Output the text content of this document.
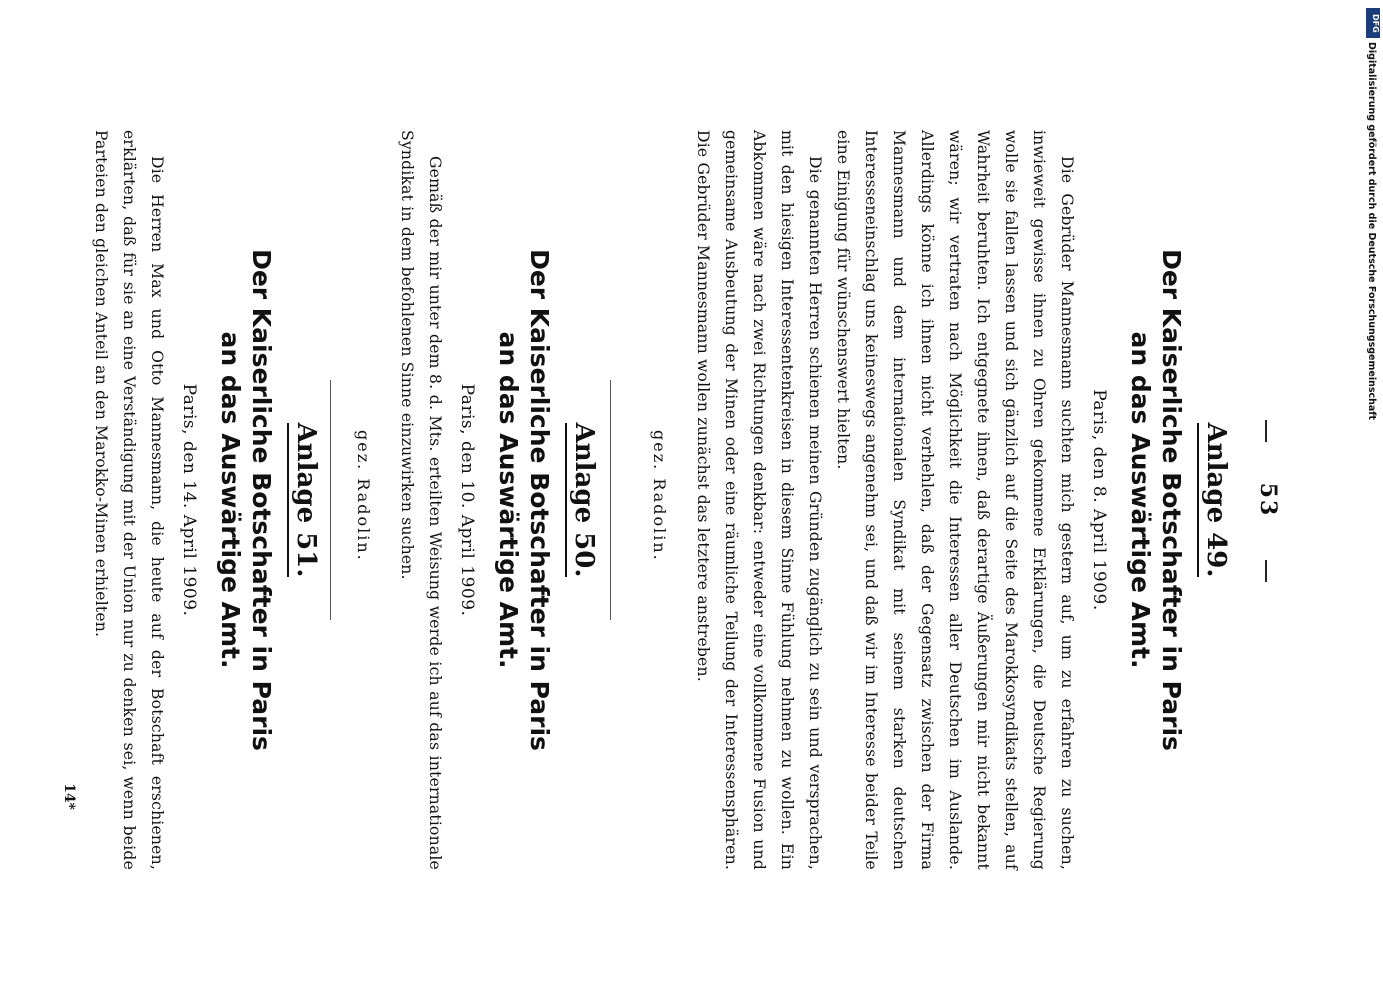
53
Anlage 49.
Der Kaiserliche Botschafter in Paris
an das Auswärtige Amt.
Paris, den 8. April 1909.

Die Gebrüder Mannesmann suchten mich gestern auf, um zu erfahren zu suchen, inwieweit gewisse ihnen zu Ohren gekommene Erklärungen, die Deutsche Regierung wolle sie fallen lassen und sich gänzlich auf die Seite des Marokkosyndikats stellen, auf Wahrheit beruhten. Ich entgegnete ihnen, daß derartige Äußerungen mir nicht bekannt wären; wir vertraten nach Möglichkeit die Interessen aller Deutschen im Auslande. Allerdings könne ich ihnen nicht verhehlen, daß der Gegensatz zwischen der Firma Mannesmann und dem internationalen Syndikat mit seinem starken deutschen Interesseneinschlag uns keineswegs angenehm sei, und daß wir im Interesse beider Teile eine Einigung für wünschenswert hielten.

Die genannten Herren schienen meinen Gründen zugänglich zu sein und versprachen, mit den hiesigen Interessentenkreisen in diesem Sinne Fühlung nehmen zu wollen. Ein Abkommen wäre nach zwei Richtungen denkbar: entweder eine vollkommene Fusion und gemeinsame Ausbeutung der Minen oder eine räumliche Teilung der Interessensphären. Die Gebrüder Mannesmann wollen zunächst das letztere anstreben.

gez. Radolin.
Anlage 50.
Der Kaiserliche Botschafter in Paris
an das Auswärtige Amt.
Paris, den 10. April 1909.

Gemäß der mir unter dem 8. d. Mts. erteilten Weisung werde ich auf das internationale Syndikat in dem befohlenen Sinne einzuwirken suchen.

gez. Radolin.
Anlage 51.
Der Kaiserliche Botschafter in Paris
an das Auswärtige Amt.
Paris, den 14. April 1909.

Die Herren Max und Otto Mannesmann, die heute auf der Botschaft erschienen, erklärten, daß für sie an eine Verständigung mit der Union nur zu denken sei, wenn beide Parteien den gleichen Anteil an den Marokko-Minen erhielten.

14*
DFG
Digitalisierung gefördert durch die Deutsche Forschungsgemeinschaft
